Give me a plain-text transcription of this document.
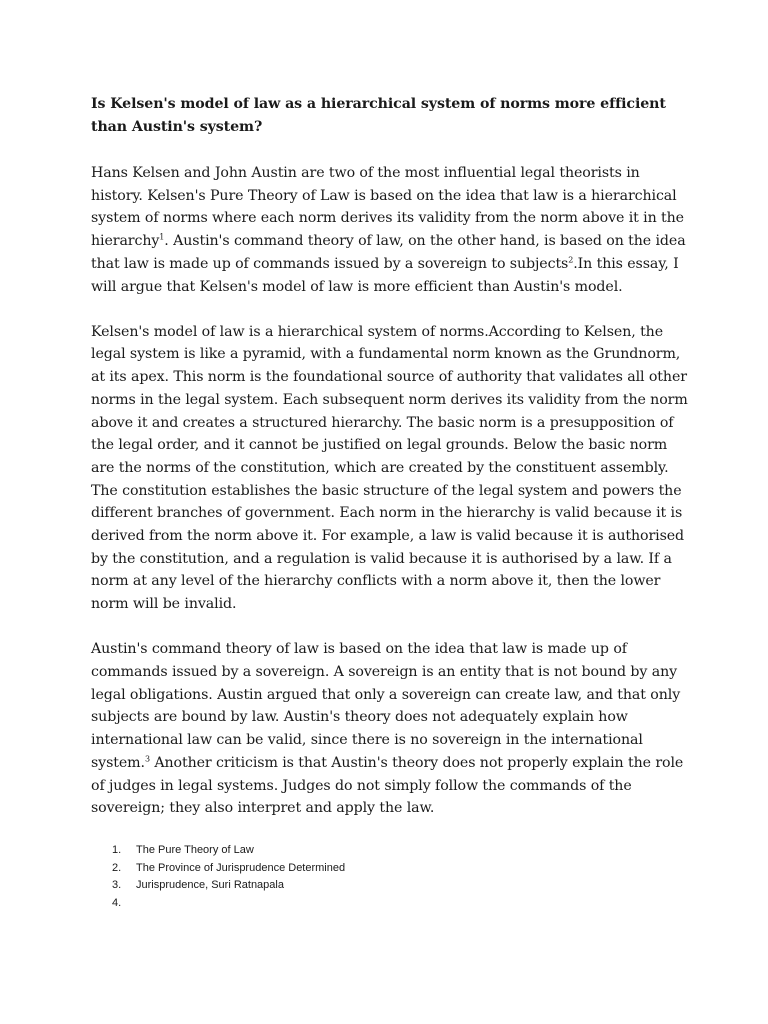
Is Kelsen's model of law as a hierarchical system of norms more efficient than Austin's system?

Hans Kelsen and John Austin are two of the most influential legal theorists in history. Kelsen's Pure Theory of Law is based on the idea that law is a hierarchical system of norms where each norm derives its validity from the norm above it in the hierarchy$^1$. Austin's command theory of law, on the other hand, is based on the idea that law is made up of commands issued by a sovereign to subjects$^2$.In this essay, I will argue that Kelsen's model of law is more efficient than Austin's model.

Kelsen's model of law is a hierarchical system of norms.According to Kelsen, the legal system is like a pyramid, with a fundamental norm known as the Grundnorm, at its apex. This norm is the foundational source of authority that validates all other norms in the legal system. Each subsequent norm derives its validity from the norm above it and creates a structured hierarchy. The basic norm is a presupposition of the legal order, and it cannot be justified on legal grounds. Below the basic norm are the norms of the constitution, which are created by the constituent assembly. The constitution establishes the basic structure of the legal system and powers the different branches of government. Each norm in the hierarchy is valid because it is derived from the norm above it. For example, a law is valid because it is authorised by the constitution, and a regulation is valid because it is authorised by a law. If a norm at any level of the hierarchy conflicts with a norm above it, then the lower norm will be invalid.

Austin's command theory of law is based on the idea that law is made up of commands issued by a sovereign. A sovereign is an entity that is not bound by any legal obligations. Austin argued that only a sovereign can create law, and that only subjects are bound by law. Austin's theory does not adequately explain how international law can be valid, since there is no sovereign in the international system.$^3$ Another criticism is that Austin's theory does not properly explain the role of judges in legal systems. Judges do not simply follow the commands of the sovereign; they also interpret and apply the law.

1.	The Pure Theory of Law
2.	The Province of Jurisprudence Determined
3.	Jurisprudence, Suri Ratnapala
4.
